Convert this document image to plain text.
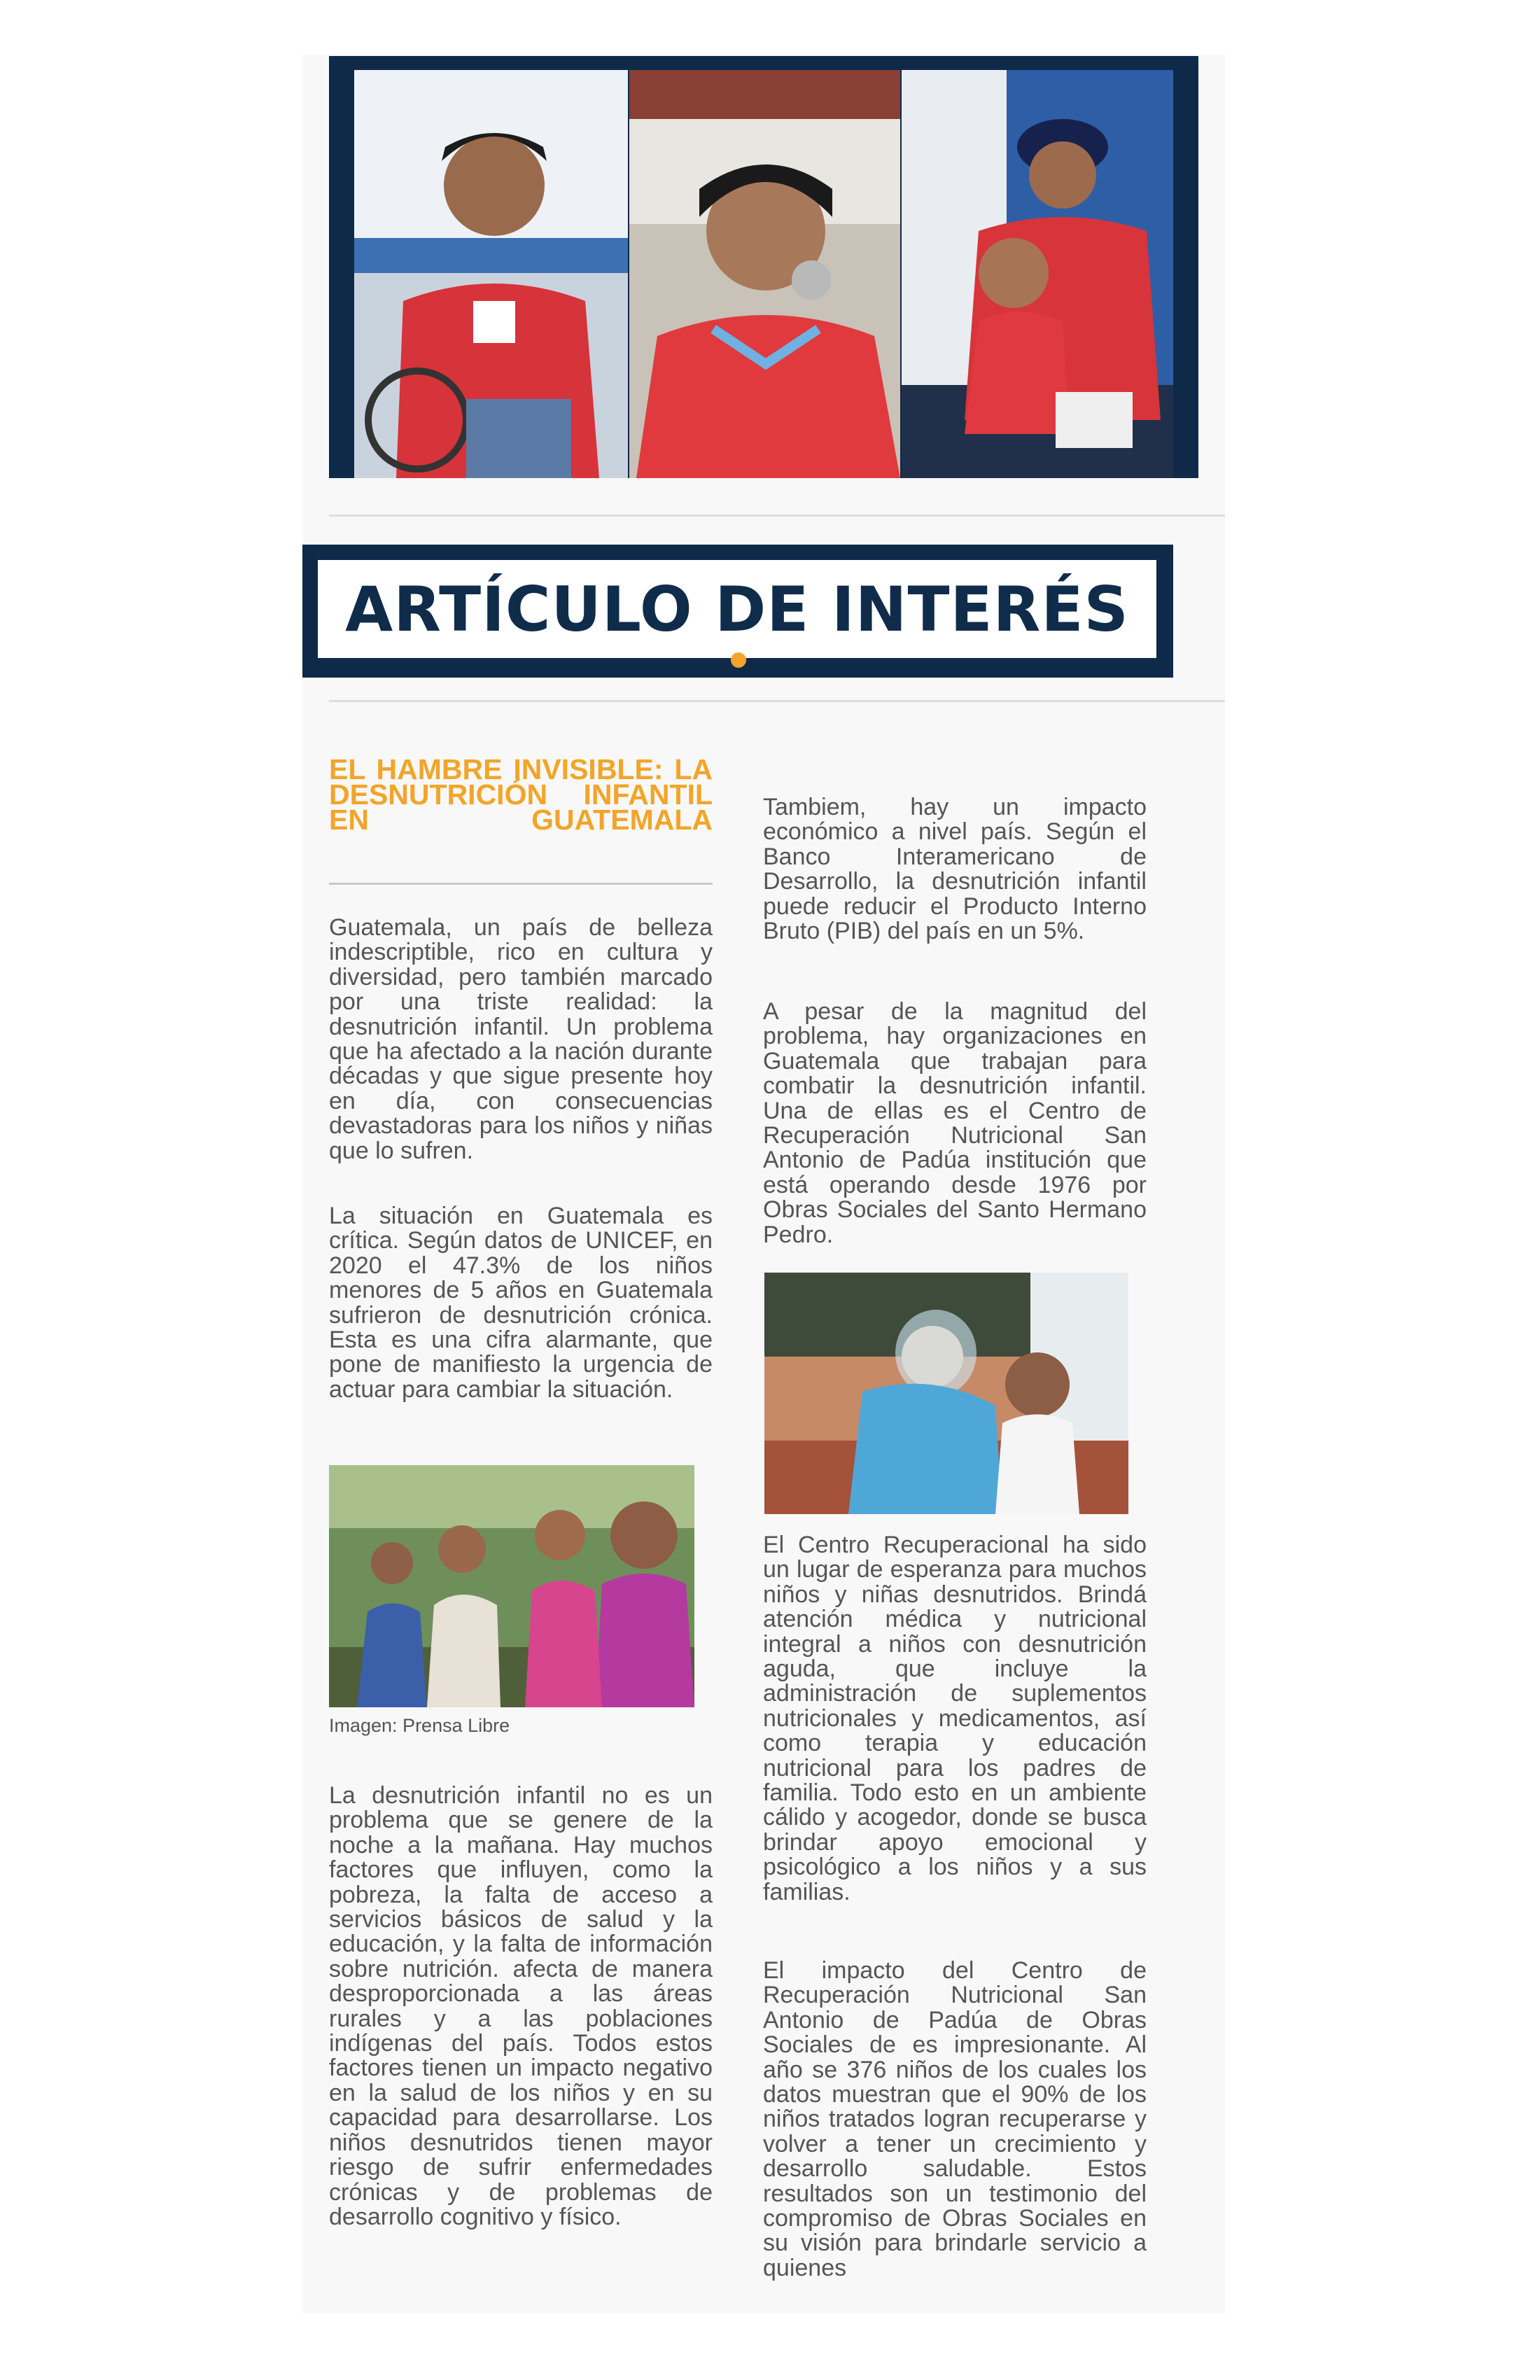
ARTÍCULO DE INTERÉS
EL HAMBRE INVISIBLE: LA DESNUTRICIÓN INFANTIL EN GUATEMALA

Guatemala, un país de belleza indescriptible, rico en cultura y diversidad, pero también marcado por una triste realidad: la desnutrición infantil. Un problema que ha afectado a la nación durante décadas y que sigue presente hoy en día, con consecuencias devastadoras para los niños y niñas que lo sufren.

La situación en Guatemala es crítica. Según datos de UNICEF, en 2020 el 47.3% de los niños menores de 5 años en Guatemala sufrieron de desnutrición crónica. Esta es una cifra alarmante, que pone de manifiesto la urgencia de actuar para cambiar la situación.

Imagen: Prensa Libre

La desnutrición infantil no es un problema que se genere de la noche a la mañana. Hay muchos factores que influyen, como la pobreza, la falta de acceso a servicios básicos de salud y la educación, y la falta de información sobre nutrición. afecta de manera desproporcionada a las áreas rurales y a las poblaciones indígenas del país. Todos estos factores tienen un impacto negativo en la salud de los niños y en su capacidad para desarrollarse. Los niños desnutridos tienen mayor riesgo de sufrir enfermedades crónicas y de problemas de desarrollo cognitivo y físico.

Tambiem, hay un impacto económico a nivel país. Según el Banco Interamericano de Desarrollo, la desnutrición infantil puede reducir el Producto Interno Bruto (PIB) del país en un 5%.

A pesar de la magnitud del problema, hay organizaciones en Guatemala que trabajan para combatir la desnutrición infantil. Una de ellas es el Centro de Recuperación Nutricional San Antonio de Padúa institución que está operando desde 1976 por Obras Sociales del Santo Hermano Pedro.

El Centro Recuperacional ha sido un lugar de esperanza para muchos niños y niñas desnutridos. Brindá atención médica y nutricional integral a niños con desnutrición aguda, que incluye la administración de suplementos nutricionales y medicamentos, así como terapia y educación nutricional para los padres de familia. Todo esto en un ambiente cálido y acogedor, donde se busca brindar apoyo emocional y psicológico a los niños y a sus familias.

El impacto del Centro de Recuperación Nutricional San Antonio de Padúa de Obras Sociales de es impresionante. Al año se 376 niños de los cuales los datos muestran que el 90% de los niños tratados logran recuperarse y volver a tener un crecimiento y desarrollo saludable. Estos resultados son un testimonio del compromiso de Obras Sociales en su visión para brindarle servicio a quienes
